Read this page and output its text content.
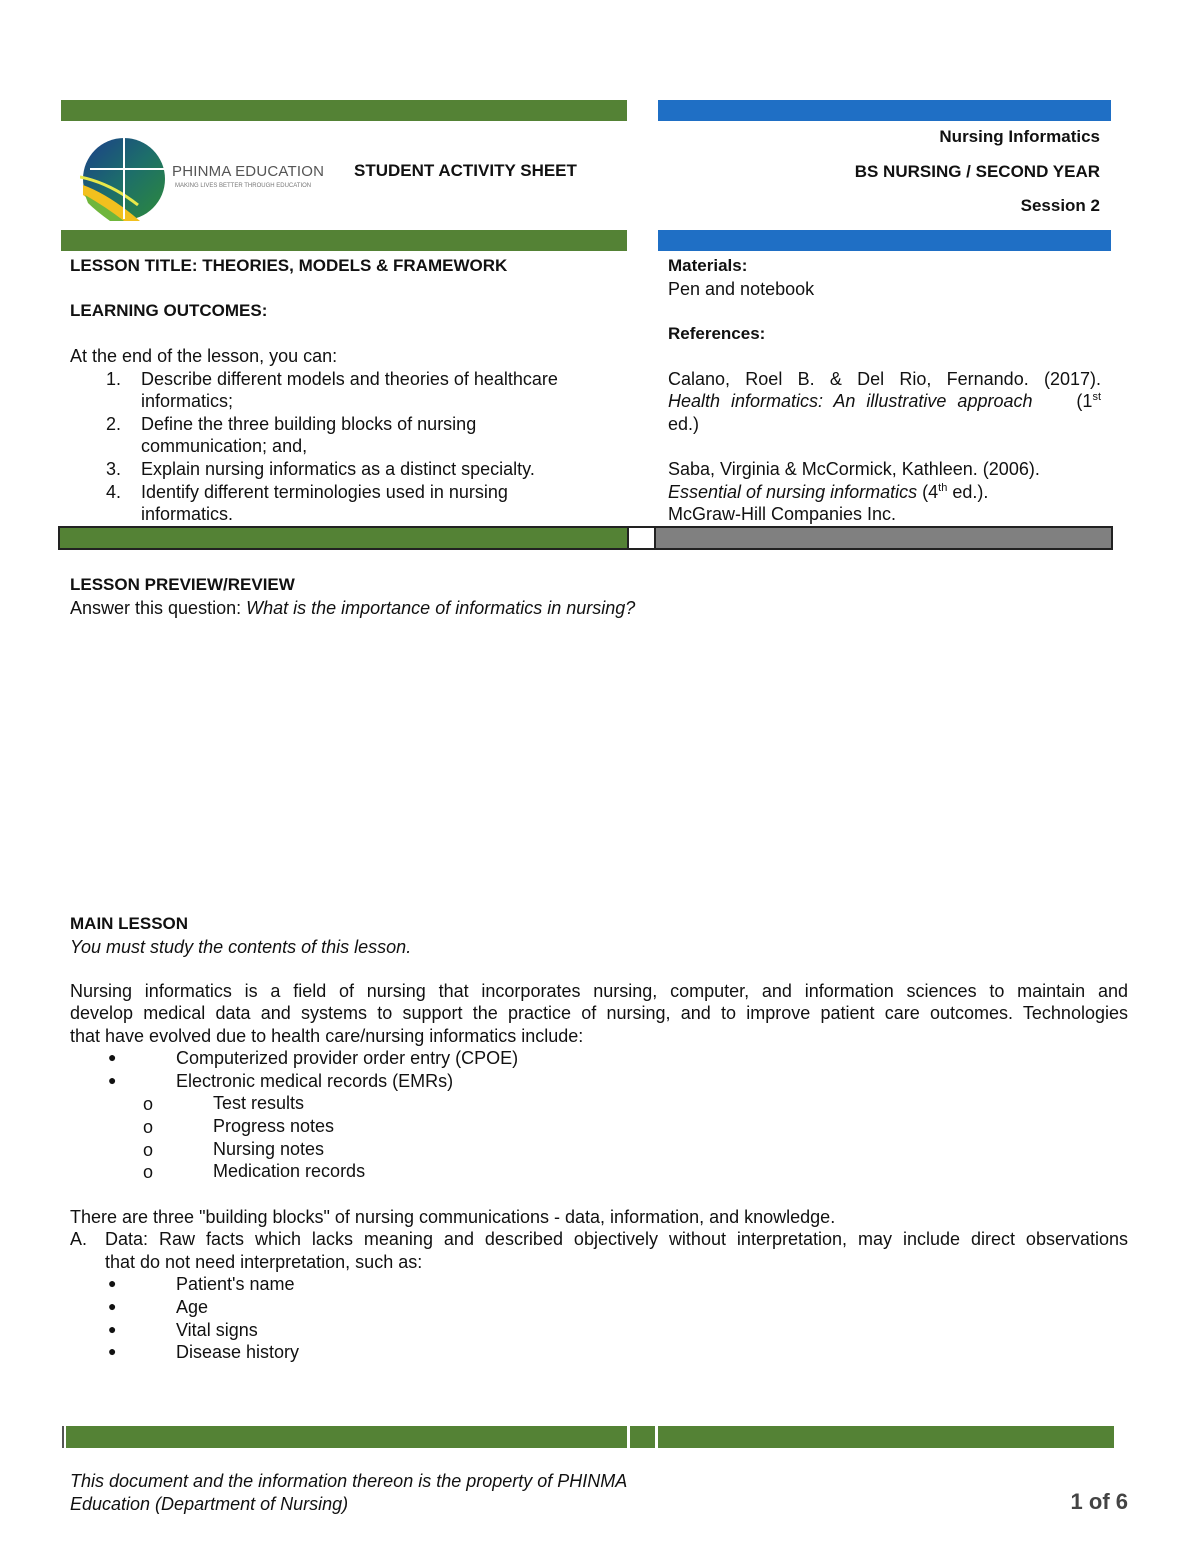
PHINMA EDUCATION
MAKING LIVES BETTER THROUGH EDUCATION
STUDENT ACTIVITY SHEET
Nursing Informatics
BS NURSING / SECOND YEAR
Session 2
LESSON TITLE: THEORIES, MODELS & FRAMEWORK
LEARNING OUTCOMES:
At the end of the lesson, you can:
1. Describe different models and theories of healthcare
informatics;
2. Define the three building blocks of nursing
communication; and,
3. Explain nursing informatics as a distinct specialty.
4. Identify different terminologies used in nursing
informatics.
Materials:
Pen and notebook
References:
Calano, Roel B. & Del Rio, Fernando. (2017).
Health informatics: An illustrative approach (1st
ed.)
Saba, Virginia & McCormick, Kathleen. (2006).
Essential of nursing informatics (4th ed.).
McGraw-Hill Companies Inc.
LESSON PREVIEW/REVIEW
Answer this question: What is the importance of informatics in nursing?
MAIN LESSON
You must study the contents of this lesson.
Nursing informatics is a field of nursing that incorporates nursing, computer, and information sciences to maintain and
develop medical data and systems to support the practice of nursing, and to improve patient care outcomes. Technologies
that have evolved due to health care/nursing informatics include:
●	Computerized provider order entry (CPOE)
●	Electronic medical records (EMRs)
o	Test results
o	Progress notes
o	Nursing notes
o	Medication records
There are three "building blocks" of nursing communications - data, information, and knowledge.
A. Data: Raw facts which lacks meaning and described objectively without interpretation, may include direct observations
that do not need interpretation, such as:
●	Patient's name
●	Age
●	Vital signs
●	Disease history
This document and the information thereon is the property of PHINMA
Education (Department of Nursing)	1 of 6
